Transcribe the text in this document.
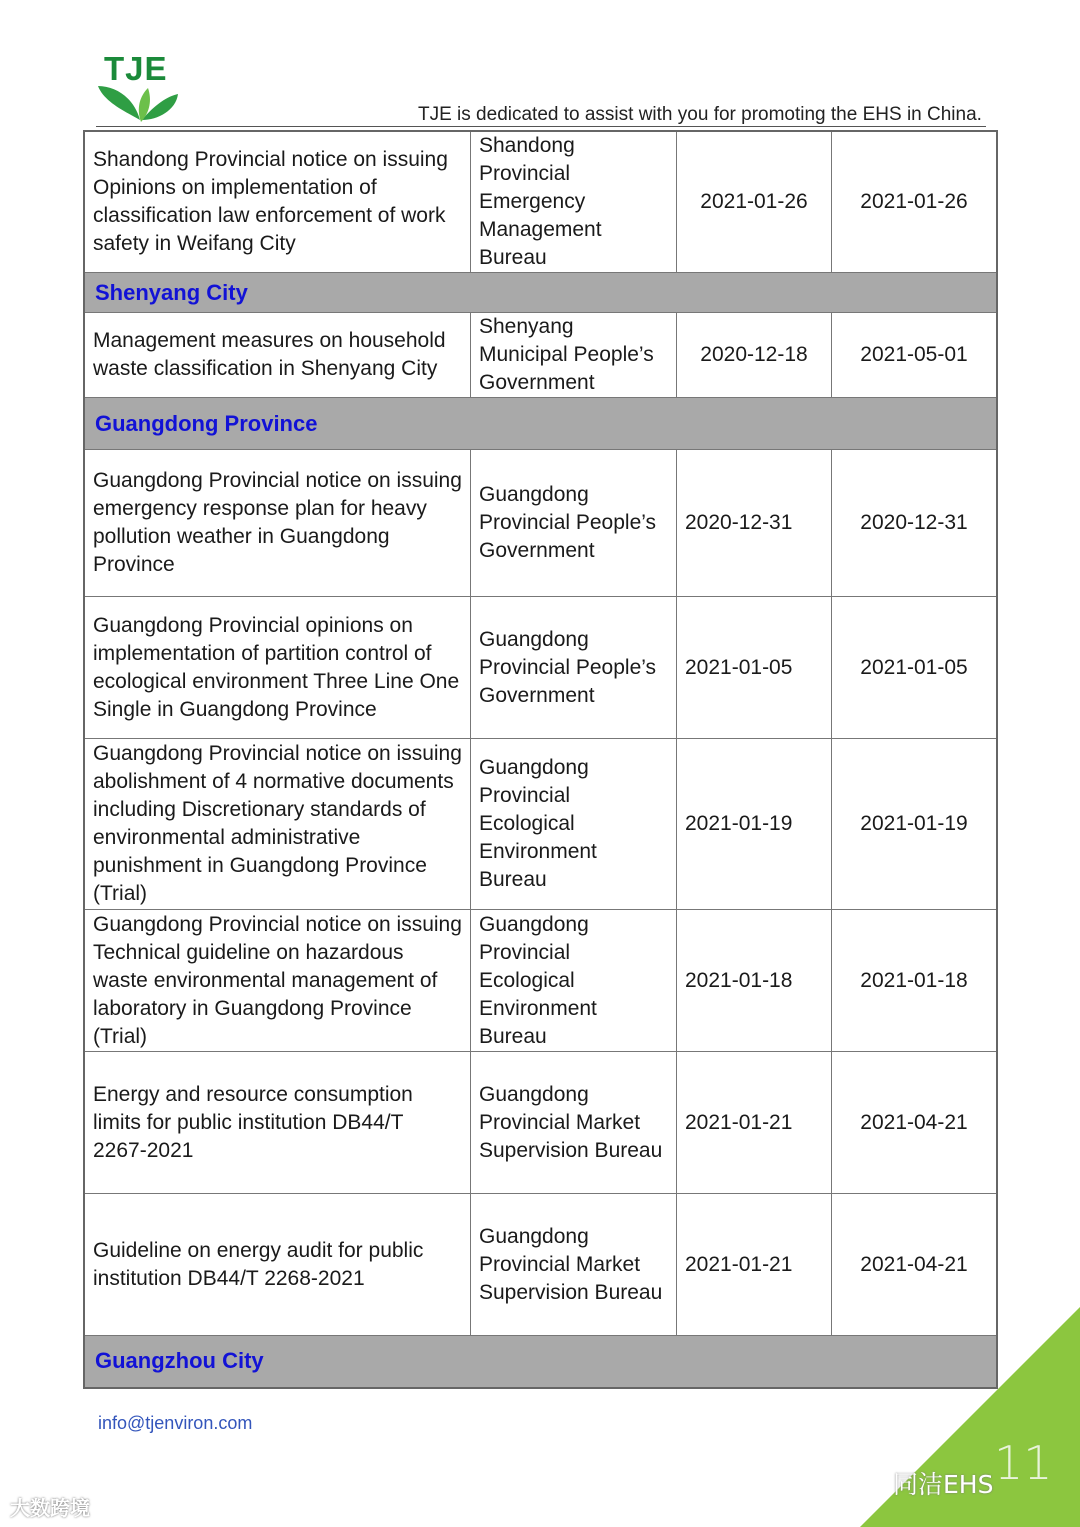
TJE
TJE is dedicated to assist with you for promoting the EHS in China.
Shandong Provincial notice on issuing Opinions on implementation of classification law enforcement of work safety in Weifang City	Shandong Provincial Emergency Management Bureau	2021-01-26	2021-01-26
Shenyang City			
Management measures on household waste classification in Shenyang City	Shenyang Municipal People’s Government	2020-12-18	2021-05-01
Guangdong Province			
Guangdong Provincial notice on issuing emergency response plan for heavy pollution weather in Guangdong Province	Guangdong Provincial People’s Government	2020-12-31	2020-12-31
Guangdong Provincial opinions on implementation of partition control of ecological environment Three Line One Single in Guangdong Province	Guangdong Provincial People’s Government	2021-01-05	2021-01-05
Guangdong Provincial notice on issuing abolishment of 4 normative documents including Discretionary standards of environmental administrative punishment in Guangdong Province (Trial)	Guangdong Provincial Ecological Environment Bureau	2021-01-19	2021-01-19
Guangdong Provincial notice on issuing Technical guideline on hazardous waste environmental management of laboratory in Guangdong Province (Trial)	Guangdong Provincial Ecological Environment Bureau	2021-01-18	2021-01-18
Energy and resource consumption limits for public institution DB44/T 2267-2021	Guangdong Provincial Market Supervision Bureau	2021-01-21	2021-04-21
Guideline on energy audit for public institution DB44/T 2268-2021	Guangdong Provincial Market Supervision Bureau	2021-01-21	2021-04-21
Guangzhou City			
info@tjenviron.com
11
同洁EHS
大数跨境
